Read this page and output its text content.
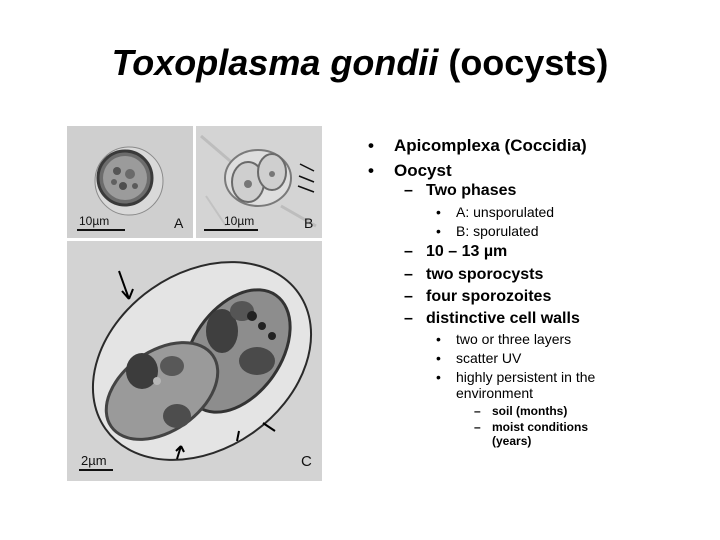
Toxoplasma gondii (oocysts)
10µm	A	10µm	B
2µm	C
• Apicomplexa (Coccidia)
• Oocyst
– Two phases
• A: unsporulated
• B: sporulated
– 10 – 13 µm
– two sporocysts
– four sporozoites
– distinctive cell walls
• two or three layers
• scatter UV
• highly persistent in the
environment
– soil (months)
– moist conditions
(years)
